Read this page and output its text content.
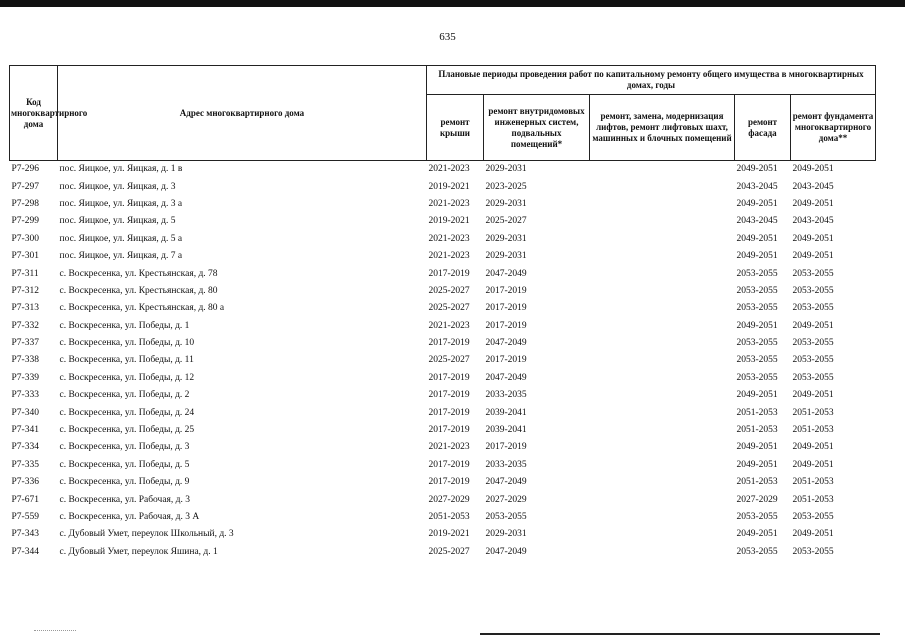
635
Код многоквартирного дома	Адрес многоквартирного дома	Плановые периоды проведения работ по капитальному ремонту общего имущества в многоквартирных домах, годы				
		ремонт крыши	ремонт внутридомовых инженерных систем, подвальных помещений*	ремонт, замена, модернизация лифтов, ремонт лифтовых шахт, машинных и блочных помещений	ремонт фасада	ремонт фундамента многоквартирного дома**
Р7-296	пос. Яицкое, ул. Яицкая, д. 1 в	2021-2023	2029-2031		2049-2051	2049-2051
Р7-297	пос. Яицкое, ул. Яицкая, д. 3	2019-2021	2023-2025		2043-2045	2043-2045
Р7-298	пос. Яицкое, ул. Яицкая, д. 3 а	2021-2023	2029-2031		2049-2051	2049-2051
Р7-299	пос. Яицкое, ул. Яицкая, д. 5	2019-2021	2025-2027		2043-2045	2043-2045
Р7-300	пос. Яицкое, ул. Яицкая, д. 5 а	2021-2023	2029-2031		2049-2051	2049-2051
Р7-301	пос. Яицкое, ул. Яицкая, д. 7 а	2021-2023	2029-2031		2049-2051	2049-2051
Р7-311	с. Воскресенка, ул. Крестьянская, д. 78	2017-2019	2047-2049		2053-2055	2053-2055
Р7-312	с. Воскресенка, ул. Крестьянская, д. 80	2025-2027	2017-2019		2053-2055	2053-2055
Р7-313	с. Воскресенка, ул. Крестьянская, д. 80 а	2025-2027	2017-2019		2053-2055	2053-2055
Р7-332	с. Воскресенка, ул. Победы, д. 1	2021-2023	2017-2019		2049-2051	2049-2051
Р7-337	с. Воскресенка, ул. Победы, д. 10	2017-2019	2047-2049		2053-2055	2053-2055
Р7-338	с. Воскресенка, ул. Победы, д. 11	2025-2027	2017-2019		2053-2055	2053-2055
Р7-339	с. Воскресенка, ул. Победы, д. 12	2017-2019	2047-2049		2053-2055	2053-2055
Р7-333	с. Воскресенка, ул. Победы, д. 2	2017-2019	2033-2035		2049-2051	2049-2051
Р7-340	с. Воскресенка, ул. Победы, д. 24	2017-2019	2039-2041		2051-2053	2051-2053
Р7-341	с. Воскресенка, ул. Победы, д. 25	2017-2019	2039-2041		2051-2053	2051-2053
Р7-334	с. Воскресенка, ул. Победы, д. 3	2021-2023	2017-2019		2049-2051	2049-2051
Р7-335	с. Воскресенка, ул. Победы, д. 5	2017-2019	2033-2035		2049-2051	2049-2051
Р7-336	с. Воскресенка, ул. Победы, д. 9	2017-2019	2047-2049		2051-2053	2051-2053
Р7-671	с. Воскресенка, ул. Рабочая, д. 3	2027-2029	2027-2029		2027-2029	2051-2053
Р7-559	с. Воскресенка, ул. Рабочая, д. 3 А	2051-2053	2053-2055		2053-2055	2053-2055
Р7-343	с. Дубовый Умет, переулок Школьный, д. 3	2019-2021	2029-2031		2049-2051	2049-2051
Р7-344	с. Дубовый Умет, переулок Яшина, д. 1	2025-2027	2047-2049		2053-2055	2053-2055
